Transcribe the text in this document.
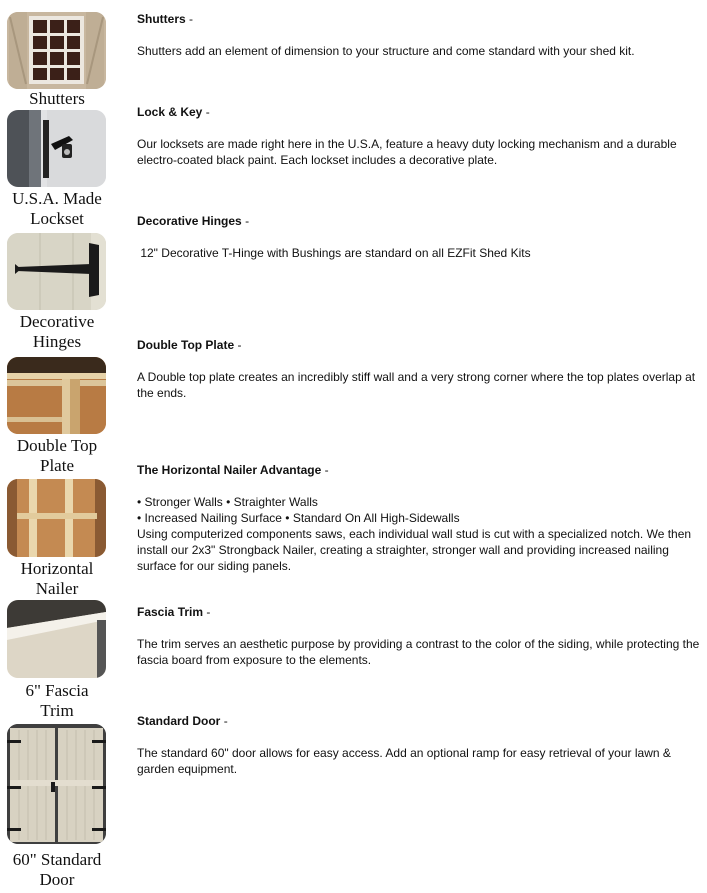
Shutters
U.S.A. Made
Lockset
Decorative
Hinges
Double Top
Plate
Horizontal
Nailer
6" Fascia
Trim
60" Standard
Door
Shutters -

Shutters add an element of dimension to your structure and come standard with your shed kit.

Lock & Key -

Our locksets are made right here in the U.S.A, feature a heavy duty locking mechanism and a durable electro-coated black paint. Each lockset includes a decorative plate.

Decorative Hinges -

12" Decorative T-Hinge with Bushings are standard on all EZFit Shed Kits

Double Top Plate -

A Double top plate creates an incredibly stiff wall and a very strong corner where the top plates overlap at the ends.

The Horizontal Nailer Advantage -

• Stronger Walls • Straighter Walls

• Increased Nailing Surface • Standard On All High-Sidewalls

Using computerized components saws, each individual wall stud is cut with a specialized notch. We then install our 2x3" Strongback Nailer, creating a straighter, stronger wall and providing increased nailing surface for our siding panels.

Fascia Trim -

The trim serves an aesthetic purpose by providing a contrast to the color of the siding, while protecting the fascia board from exposure to the elements.

Standard Door -

The standard 60" door allows for easy access. Add an optional ramp for easy retrieval of your lawn & garden equipment.
